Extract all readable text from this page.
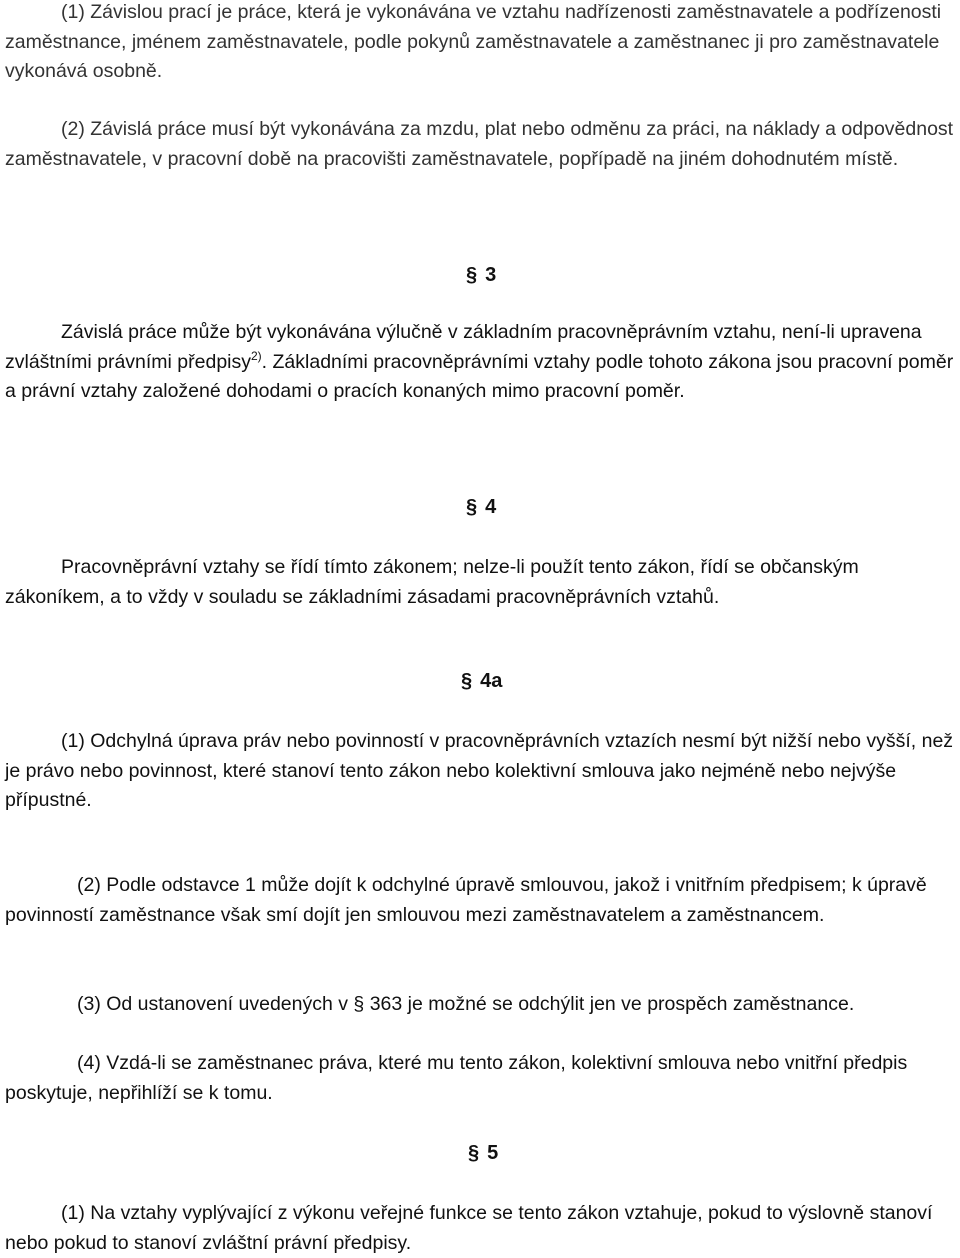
(1) Závislou prací je práce, která je vykonávána ve vztahu nadřízenosti zaměstnavatele a podřízenosti zaměstnance, jménem zaměstnavatele, podle pokynů zaměstnavatele a zaměstnanec ji pro zaměstnavatele vykonává osobně.

(2) Závislá práce musí být vykonávána za mzdu, plat nebo odměnu za práci, na náklady a odpovědnost zaměstnavatele, v pracovní době na pracovišti zaměstnavatele, popřípadě na jiném dohodnutém místě.

§ 3

Závislá práce může být vykonávána výlučně v základním pracovněprávním vztahu, není-li upravena zvláštními právními předpisy$^{2)}$. Základními pracovněprávními vztahy podle tohoto zákona jsou pracovní poměr a právní vztahy založené dohodami o pracích konaných mimo pracovní poměr.

§ 4

Pracovněprávní vztahy se řídí tímto zákonem; nelze-li použít tento zákon, řídí se občanským zákoníkem, a to vždy v souladu se základními zásadami pracovněprávních vztahů.

§ 4a

(1) Odchylná úprava práv nebo povinností v pracovněprávních vztazích nesmí být nižší nebo vyšší, než je právo nebo povinnost, které stanoví tento zákon nebo kolektivní smlouva jako nejméně nebo nejvýše přípustné.

(2) Podle odstavce 1 může dojít k odchylné úpravě smlouvou, jakož i vnitřním předpisem; k úpravě povinností zaměstnance však smí dojít jen smlouvou mezi zaměstnavatelem a zaměstnancem.

(3) Od ustanovení uvedených v § 363 je možné se odchýlit jen ve prospěch zaměstnance.

(4) Vzdá-li se zaměstnanec práva, které mu tento zákon, kolektivní smlouva nebo vnitřní předpis poskytuje, nepřihlíží se k tomu.

§ 5

(1) Na vztahy vyplývající z výkonu veřejné funkce se tento zákon vztahuje, pokud to výslovně stanoví nebo pokud to stanoví zvláštní právní předpisy.
